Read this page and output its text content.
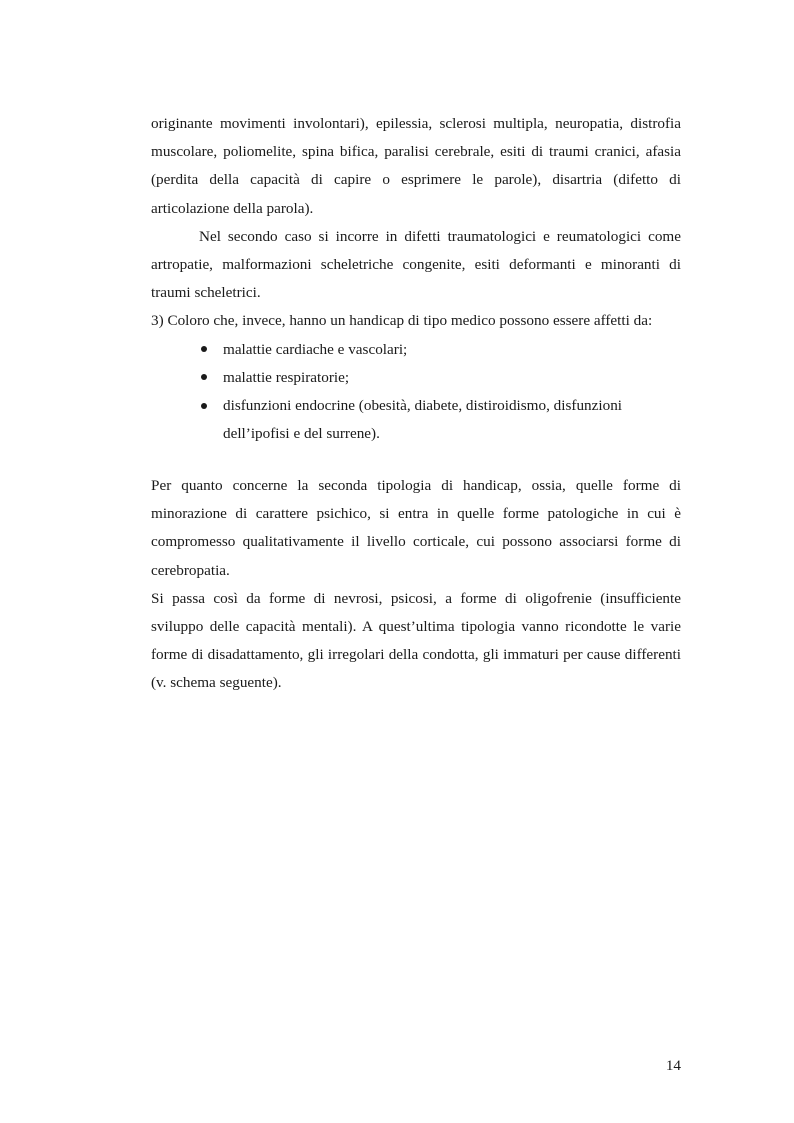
originante movimenti involontari), epilessia, sclerosi multipla, neuropatia, distrofia muscolare, poliomelite, spina bifica, paralisi cerebrale, esiti di traumi cranici, afasia (perdita della capacità di capire o esprimere le parole), disartria (difetto di articolazione della parola).

Nel secondo caso si incorre in difetti traumatologici e reumatologici come artropatie, malformazioni scheletriche congenite, esiti deformanti e minoranti di traumi scheletrici.

3) Coloro che, invece, hanno un handicap di tipo medico possono essere affetti da:

malattie cardiache e vascolari;
malattie respiratorie;
disfunzioni endocrine (obesità, diabete, distiroidismo, disfunzioni dell’ipofisi e del surrene).

Per quanto concerne la seconda tipologia di handicap, ossia, quelle forme di minorazione di carattere psichico, si entra in quelle forme patologiche in cui è compromesso qualitativamente il livello corticale, cui possono associarsi forme di cerebropatia.

Si passa così da forme di nevrosi, psicosi, a forme di oligofrenie (insufficiente sviluppo delle capacità mentali). A quest’ultima tipologia vanno ricondotte le varie forme di disadattamento, gli irregolari della condotta, gli immaturi per cause differenti (v. schema seguente).

14
